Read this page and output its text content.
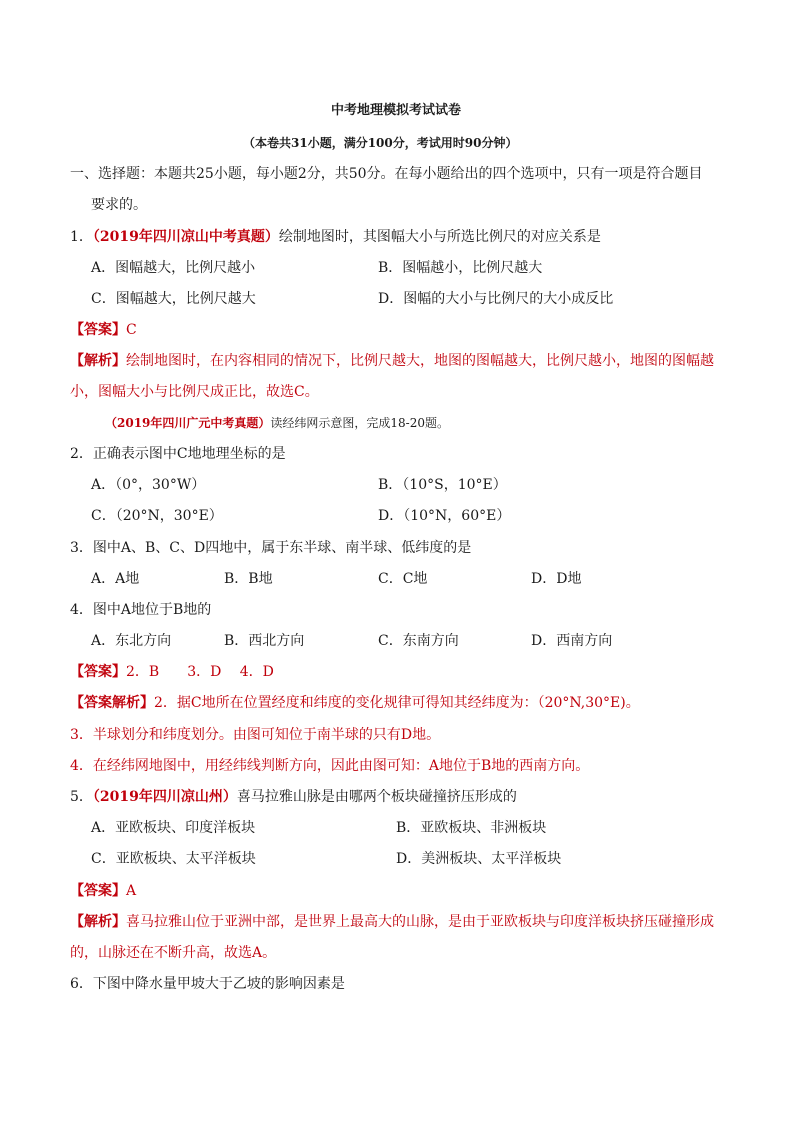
中考地理模拟考试试卷
（本卷共31小题，满分100分，考试用时90分钟）
一、选择题：本题共25小题，每小题2分，共50分。在每小题给出的四个选项中，只有一项是符合题目
要求的。
1．（2019年四川凉山中考真题）绘制地图时，其图幅大小与所选比例尺的对应关系是
A．图幅越大，比例尺越小	B．图幅越小，比例尺越大
C．图幅越大，比例尺越大	D．图幅的大小与比例尺的大小成反比
【答案】C
【解析】绘制地图时，在内容相同的情况下，比例尺越大，地图的图幅越大，比例尺越小，地图的图幅越
小，图幅大小与比例尺成正比，故选C。
（2019年四川广元中考真题）读经纬网示意图，完成18-20题。
2．正确表示图中C地地理坐标的是
A．（0°，30°W）	B．（10°S，10°E）
C．（20°N，30°E）	D．（10°N，60°E）
3．图中A、B、C、D四地中，属于东半球、南半球、低纬度的是
A．A地	B．B地	C．C地	D．D地
4．图中A地位于B地的
A．东北方向	B．西北方向	C．东南方向	D．西南方向
【答案】2．B　　3．D　 4．D
【答案解析】2．据C地所在位置经度和纬度的变化规律可得知其经纬度为：（20°N,30°E)。
3．半球划分和纬度划分。由图可知位于南半球的只有D地。
4．在经纬网地图中，用经纬线判断方向，因此由图可知：A地位于B地的西南方向。
5．（2019年四川凉山州）喜马拉雅山脉是由哪两个板块碰撞挤压形成的
A．亚欧板块、印度洋板块	B．亚欧板块、非洲板块
C．亚欧板块、太平洋板块	D．美洲板块、太平洋板块
【答案】A
【解析】喜马拉雅山位于亚洲中部，是世界上最高大的山脉，是由于亚欧板块与印度洋板块挤压碰撞形成
的，山脉还在不断升高，故选A。
6．下图中降水量甲坡大于乙坡的影响因素是
